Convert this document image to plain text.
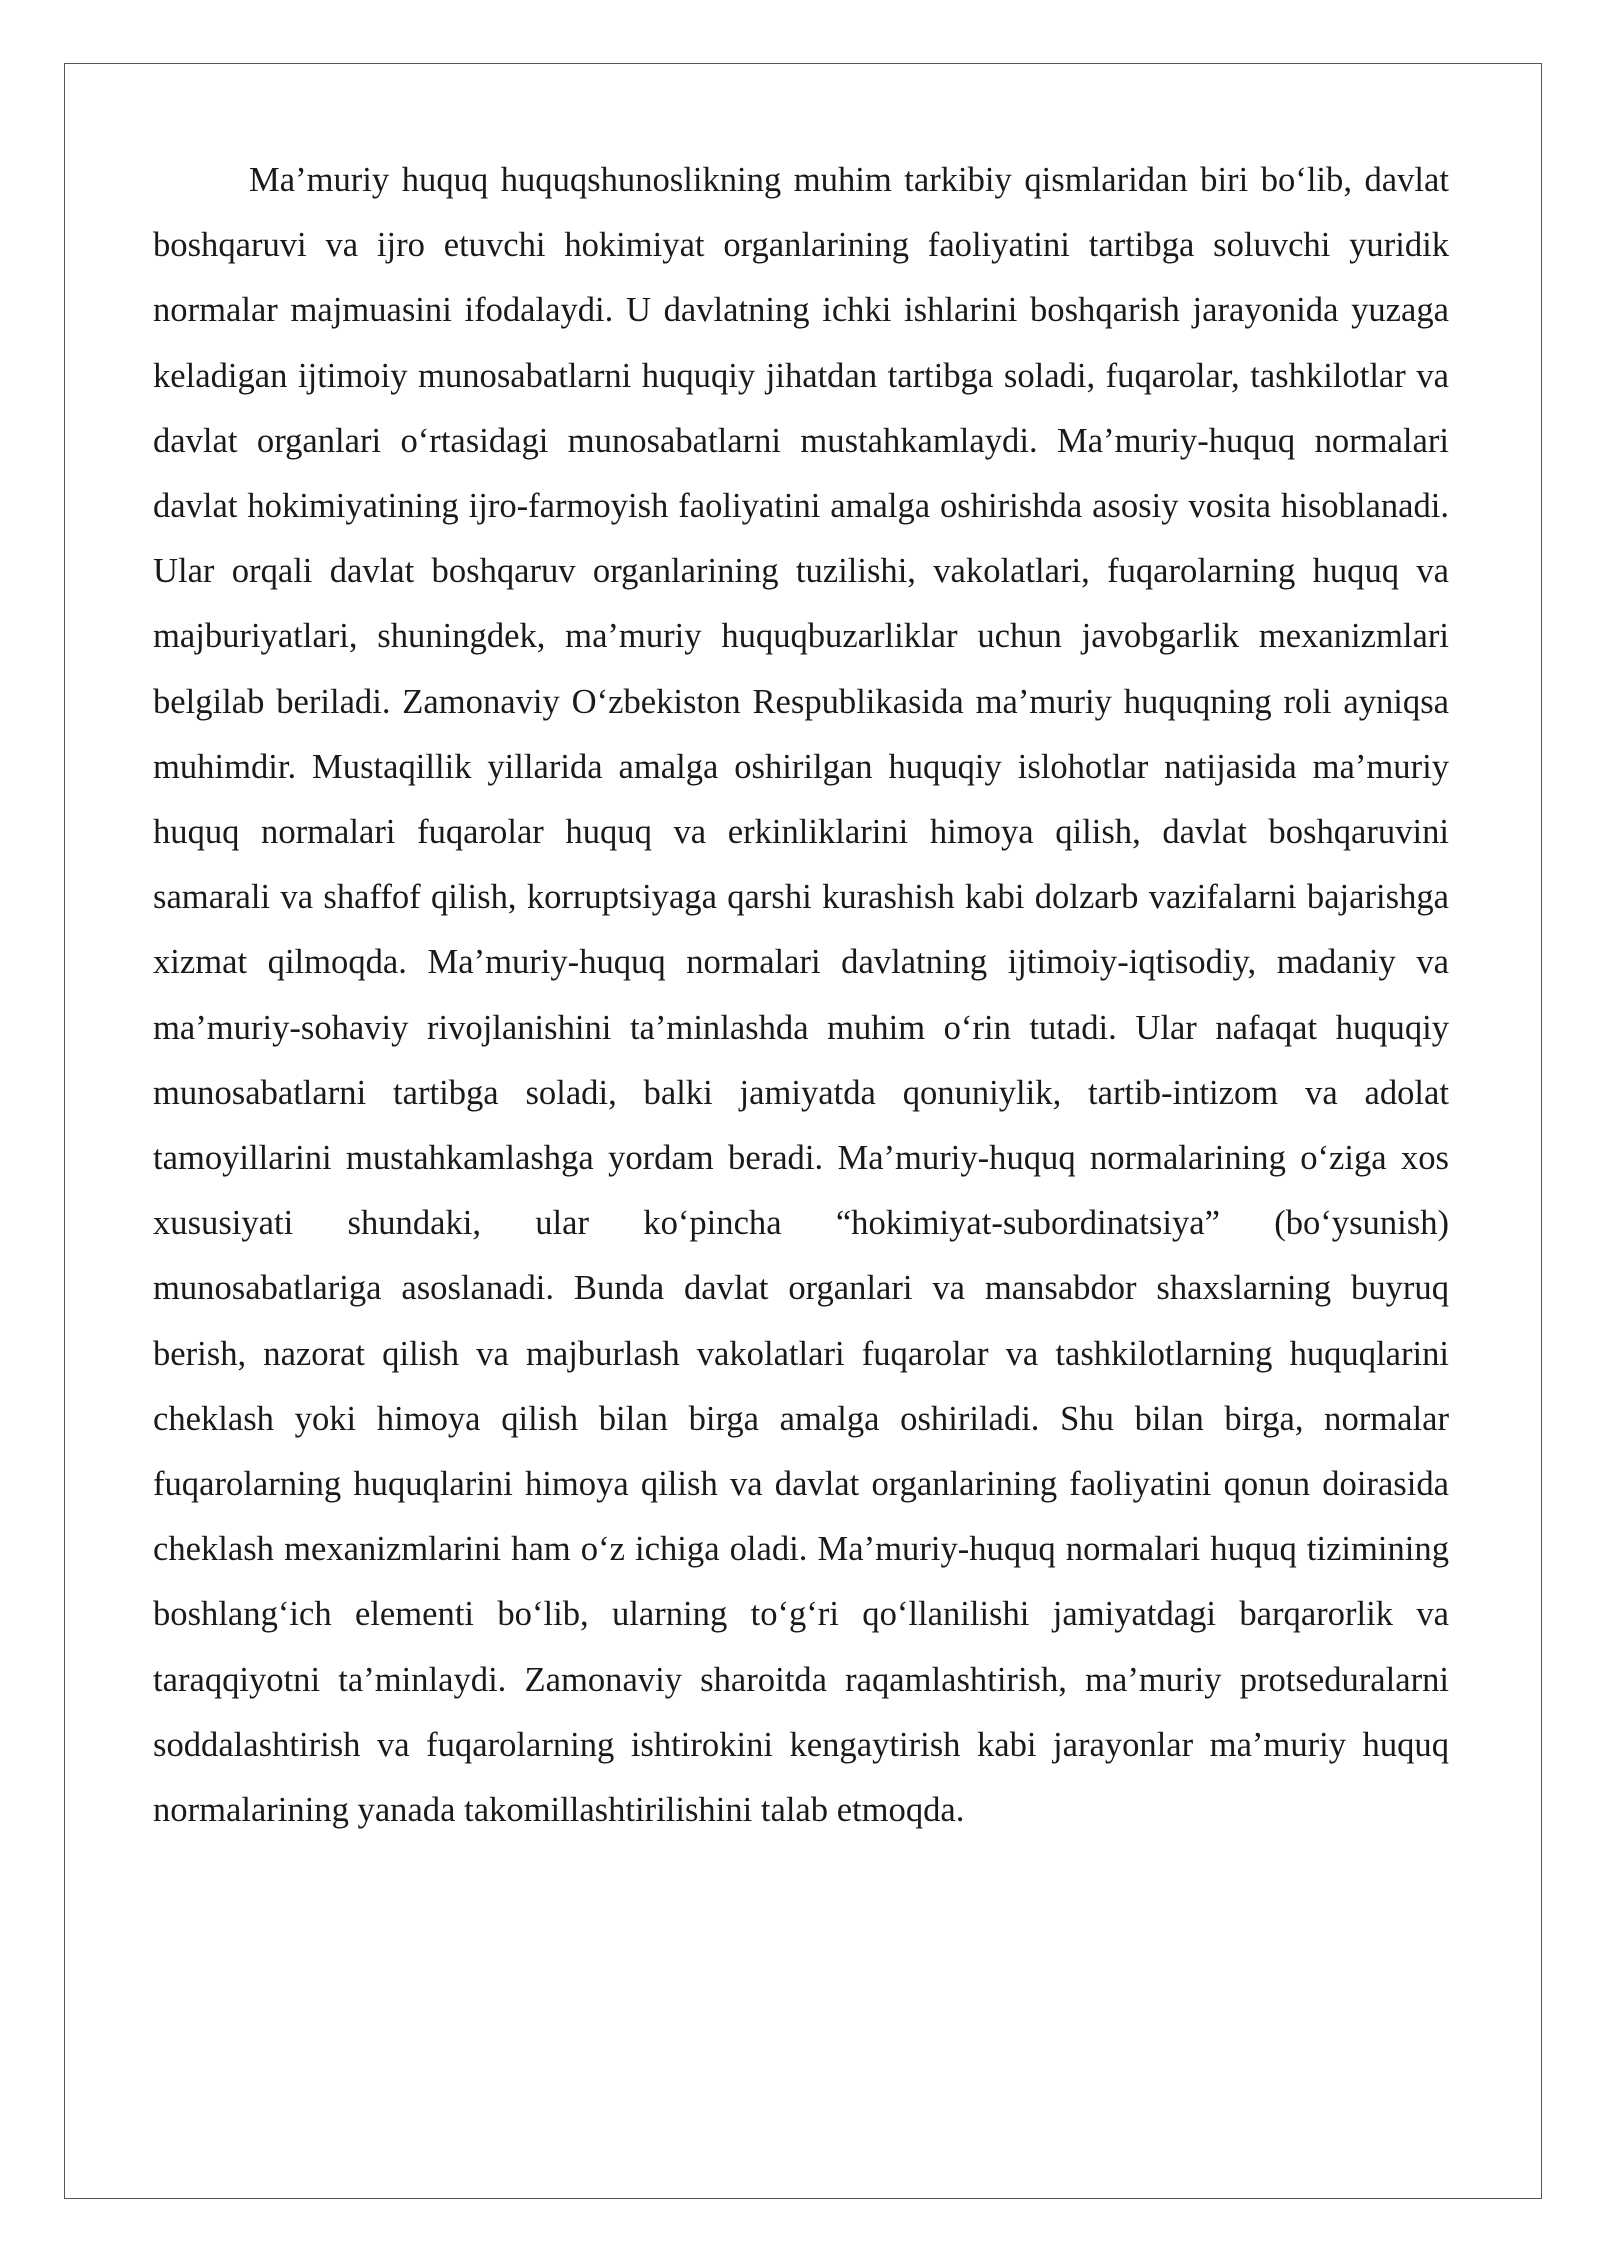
Ma’muriy huquq huquqshunoslikning muhim tarkibiy qismlaridan biri bo‘lib, davlat boshqaruvi va ijro etuvchi hokimiyat organlarining faoliyatini tartibga soluvchi yuridik normalar majmuasini ifodalaydi. U davlatning ichki ishlarini boshqarish jarayonida yuzaga keladigan ijtimoiy munosabatlarni huquqiy jihatdan tartibga soladi, fuqarolar, tashkilotlar va davlat organlari o‘rtasidagi munosabatlarni mustahkamlaydi. Ma’muriy-huquq normalari davlat hokimiyatining ijro-farmoyish faoliyatini amalga oshirishda asosiy vosita hisoblanadi. Ular orqali davlat boshqaruv organlarining tuzilishi, vakolatlari, fuqarolarning huquq va majburiyatlari, shuningdek, ma’muriy huquqbuzarliklar uchun javobgarlik mexanizmlari belgilab beriladi. Zamonaviy O‘zbekiston Respublikasida ma’muriy huquqning roli ayniqsa muhimdir. Mustaqillik yillarida amalga oshirilgan huquqiy islohotlar natijasida ma’muriy huquq normalari fuqarolar huquq va erkinliklarini himoya qilish, davlat boshqaruvini samarali va shaffof qilish, korruptsiyaga qarshi kurashish kabi dolzarb vazifalarni bajarishga xizmat qilmoqda. Ma’muriy-huquq normalari davlatning ijtimoiy-iqtisodiy, madaniy va ma’muriy-sohaviy rivojlanishini ta’minlashda muhim o‘rin tutadi. Ular nafaqat huquqiy munosabatlarni tartibga soladi, balki jamiyatda qonuniylik, tartib-intizom va adolat tamoyillarini mustahkamlashga yordam beradi. Ma’muriy-huquq normalarining o‘ziga xos xususiyati shundaki, ular ko‘pincha “hokimiyat-subordinatsiya” (bo‘ysunish) munosabatlariga asoslanadi. Bunda davlat organlari va mansabdor shaxslarning buyruq berish, nazorat qilish va majburlash vakolatlari fuqarolar va tashkilotlarning huquqlarini cheklash yoki himoya qilish bilan birga amalga oshiriladi. Shu bilan birga, normalar fuqarolarning huquqlarini himoya qilish va davlat organlarining faoliyatini qonun doirasida cheklash mexanizmlarini ham o‘z ichiga oladi. Ma’muriy-huquq normalari huquq tizimining boshlang‘ich elementi bo‘lib, ularning to‘g‘ri qo‘llanilishi jamiyatdagi barqarorlik va taraqqiyotni ta’minlaydi. Zamonaviy sharoitda raqamlashtirish, ma’muriy protseduralarni soddalashtirish va fuqarolarning ishtirokini kengaytirish kabi jarayonlar ma’muriy huquq normalarining yanada takomillashtirilishini talab etmoqda.
